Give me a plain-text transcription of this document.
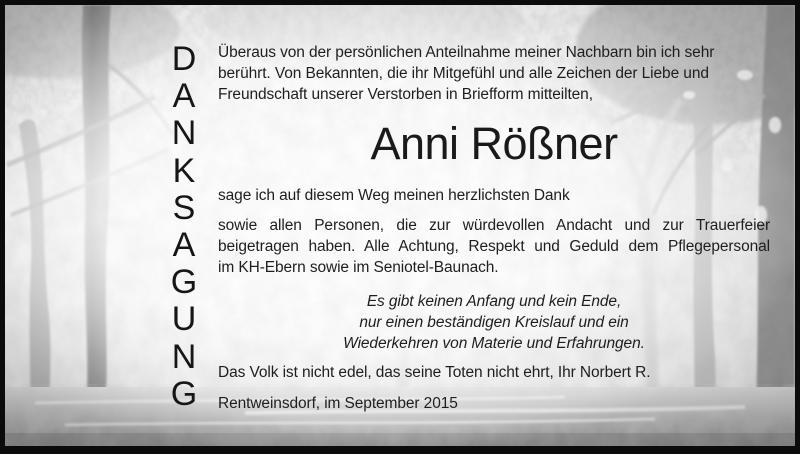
DANKSAGUNG
Überaus von der persönlichen Anteilnahme meiner Nachbarn bin ich sehr
berührt. Von Bekannten, die ihr Mitgefühl und alle Zeichen der Liebe und
Freundschaft unserer Verstorben in Briefform mitteilten,
Anni Rößner
sage ich auf diesem Weg meinen herzlichsten Dank
sowie allen Personen, die zur würdevollen Andacht und zur Trauerfeier
beigetragen haben. Alle Achtung, Respekt und Geduld dem Pflegepersonal
im KH-Ebern sowie im Seniotel-Baunach.
Es gibt keinen Anfang und kein Ende,
nur einen beständigen Kreislauf und ein
Wiederkehren von Materie und Erfahrungen.
Das Volk ist nicht edel, das seine Toten nicht ehrt, Ihr Norbert R.
Rentweinsdorf, im September 2015
